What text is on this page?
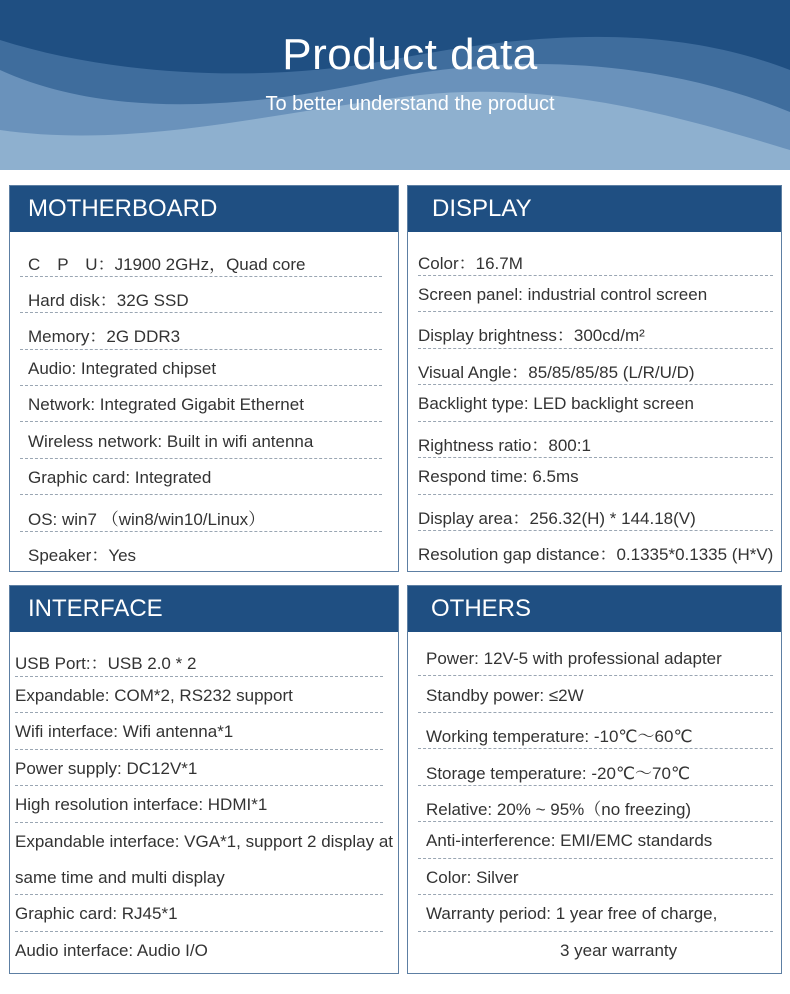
Product data
To better understand the product
MOTHERBOARD
C　P　U：J1900 2GHz，Quad core
Hard disk：32G SSD
Memory：2G DDR3
Audio: Integrated chipset
Network: Integrated Gigabit Ethernet
Wireless network: Built in wifi antenna
Graphic card: Integrated
OS: win7 （win8/win10/Linux）
Speaker：Yes
DISPLAY
Color：16.7M
Screen panel: industrial control screen
Display brightness：300cd/m²
Visual Angle：85/85/85/85 (L/R/U/D)
Backlight type: LED backlight screen
Rightness ratio：800:1
Respond time: 6.5ms
Display area：256.32(H) * 144.18(V)
Resolution gap distance：0.1335*0.1335 (H*V)
INTERFACE
USB Port:：USB 2.0 * 2
Expandable: COM*2, RS232 support
Wifi interface: Wifi antenna*1
Power supply: DC12V*1
High resolution interface: HDMI*1
Expandable interface: VGA*1, support 2 display at
same time and multi display
Graphic card: RJ45*1
Audio interface: Audio I/O
OTHERS
Power: 12V-5 with professional adapter
Standby power: ≤2W
Working temperature: -10℃～60℃
Storage temperature: -20℃～70℃
Relative: 20% ~ 95%（no freezing)
Anti-interference: EMI/EMC standards
Color: Silver
Warranty period: 1 year free of charge,
3 year warranty
